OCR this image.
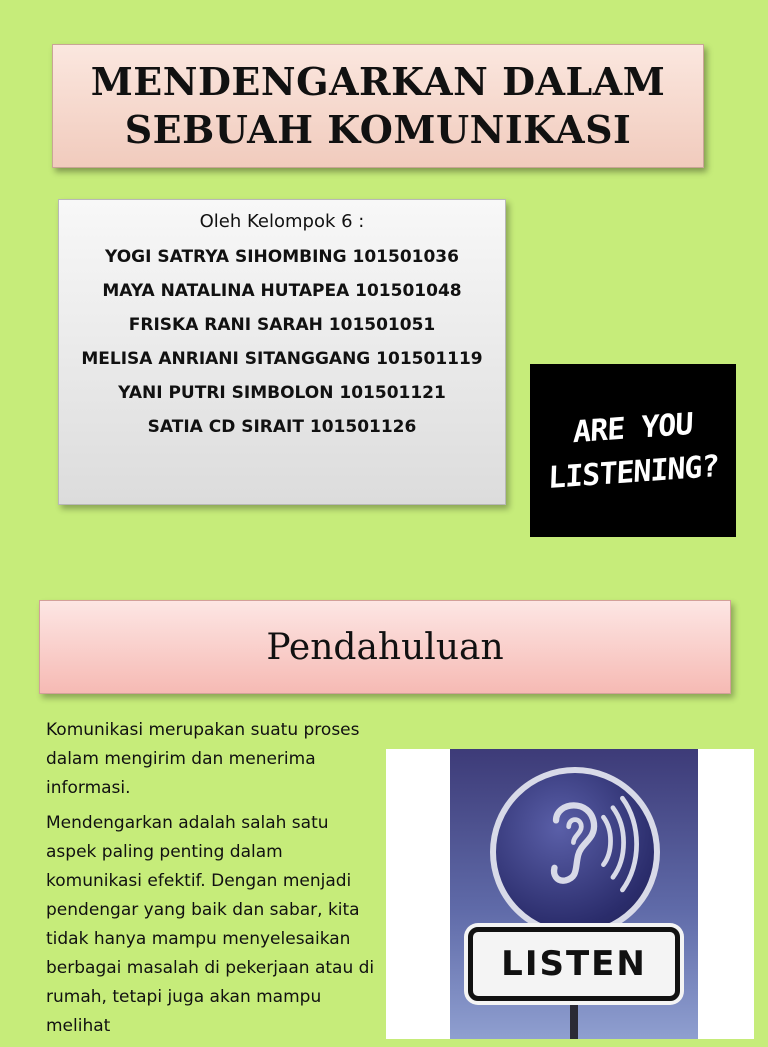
MENDENGARKAN DALAM
SEBUAH KOMUNIKASI
Oleh Kelompok 6 :
YOGI SATRYA SIHOMBING 101501036
MAYA NATALINA HUTAPEA 101501048
FRISKA RANI SARAH 101501051
MELISA ANRIANI SITANGGANG 101501119
YANI PUTRI SIMBOLON 101501121
SATIA CD SIRAIT 101501126	ARE YOU
LISTENING?
Pendahuluan

Komunikasi merupakan suatu proses dalam mengirim dan menerima informasi.

Mendengarkan adalah salah satu aspek paling penting dalam komunikasi efektif. Dengan menjadi pendengar yang baik dan sabar, kita tidak hanya mampu menyelesaikan berbagai masalah di pekerjaan atau di rumah, tetapi juga akan mampu melihat

LISTEN
